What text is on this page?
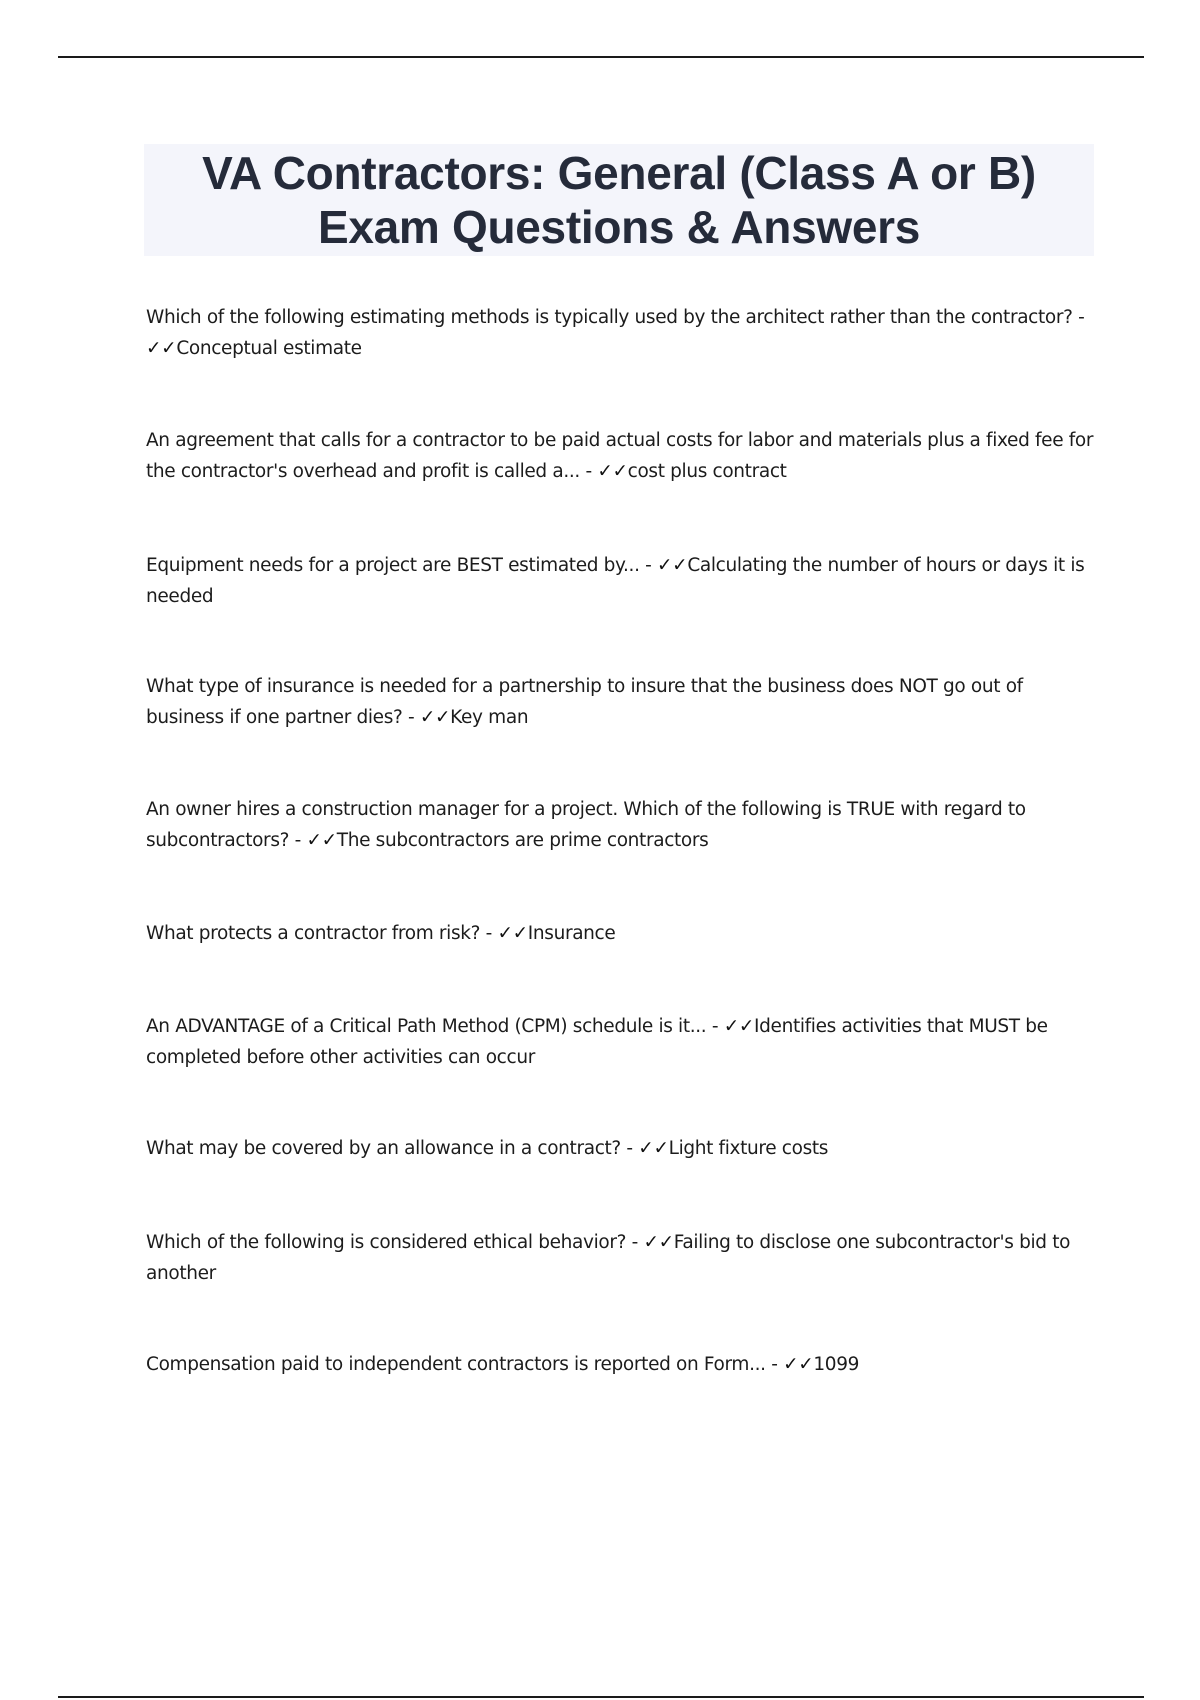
VA Contractors: General (Class A or B)
Exam Questions & Answers
Which of the following estimating methods is typically used by the architect rather than the contractor? - ✓✓Conceptual estimate
An agreement that calls for a contractor to be paid actual costs for labor and materials plus a fixed fee for the contractor's overhead and profit is called a... - ✓✓cost plus contract
Equipment needs for a project are BEST estimated by... - ✓✓Calculating the number of hours or days it is needed
What type of insurance is needed for a partnership to insure that the business does NOT go out of business if one partner dies? - ✓✓Key man
An owner hires a construction manager for a project. Which of the following is TRUE with regard to subcontractors? - ✓✓The subcontractors are prime contractors
What protects a contractor from risk? - ✓✓Insurance
An ADVANTAGE of a Critical Path Method (CPM) schedule is it... - ✓✓Identifies activities that MUST be completed before other activities can occur
What may be covered by an allowance in a contract? - ✓✓Light fixture costs
Which of the following is considered ethical behavior? - ✓✓Failing to disclose one subcontractor's bid to another
Compensation paid to independent contractors is reported on Form... - ✓✓1099
